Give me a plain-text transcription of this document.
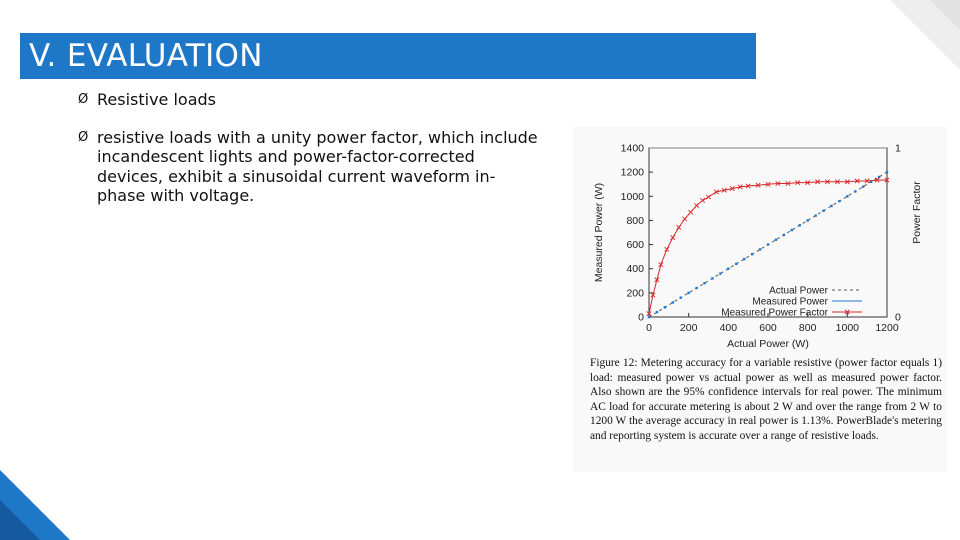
V. EVALUATION
Ø Resistive loads
Ø resistive loads with a unity power factor, which include incandescent lights and power-factor-corrected devices, exhibit a sinusoidal current waveform in-phase with voltage.
0	200 400 600 800 1000 1200
0
200
400
600
800
1000
1200
1400
0
1
Actual Power (W)
Measured Power (W)	Power Factor
Actual Power
Measured Power
Measured Power Factor
Figure 12: Metering accuracy for a variable resistive (power factor equals 1) load: measured power vs actual power as well as measured power factor. Also shown are the 95% confidence intervals for real power. The minimum AC load for accurate metering is about 2 W and over the range from 2 W to 1200 W the average accuracy in real power is 1.13%. PowerBlade's metering and reporting system is accurate over a range of resistive loads.
